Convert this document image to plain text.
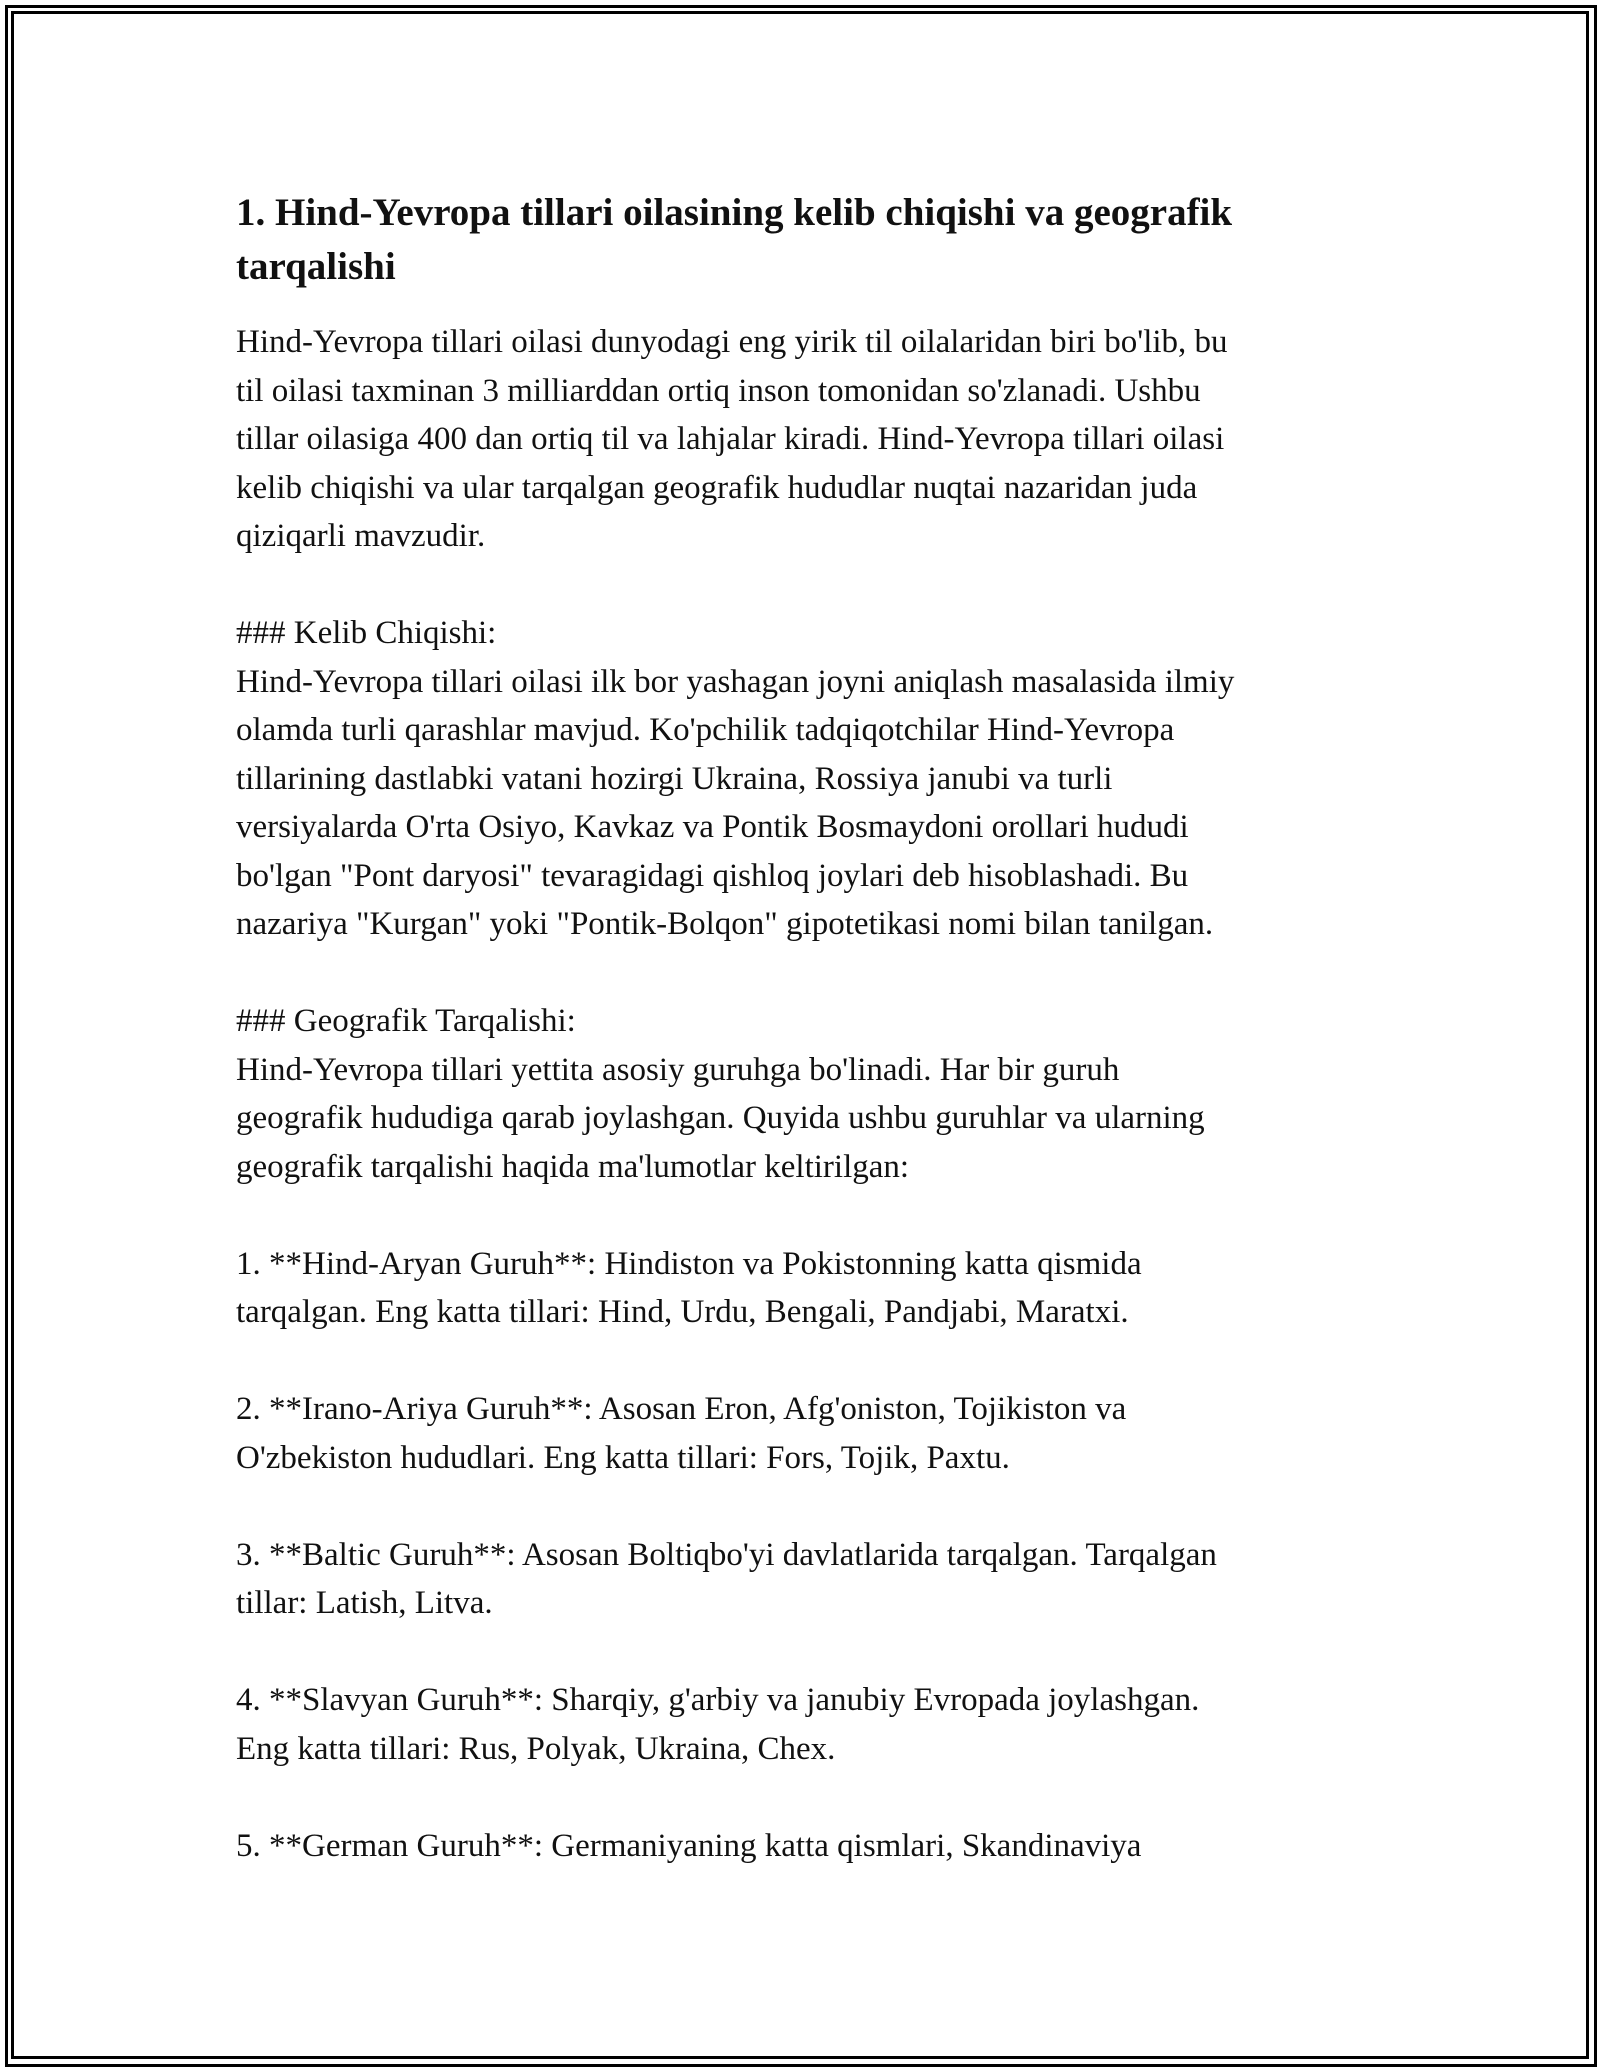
1. Hind-Yevropa tillari oilasining kelib chiqishi va geografik
tarqalishi
Hind-Yevropa tillari oilasi dunyodagi eng yirik til oilalaridan biri bo'lib, bu
til oilasi taxminan 3 milliarddan ortiq inson tomonidan so'zlanadi. Ushbu
tillar oilasiga 400 dan ortiq til va lahjalar kiradi. Hind-Yevropa tillari oilasi
kelib chiqishi va ular tarqalgan geografik hududlar nuqtai nazaridan juda
qiziqarli mavzudir.
### Kelib Chiqishi:
Hind-Yevropa tillari oilasi ilk bor yashagan joyni aniqlash masalasida ilmiy
olamda turli qarashlar mavjud. Ko'pchilik tadqiqotchilar Hind-Yevropa
tillarining dastlabki vatani hozirgi Ukraina, Rossiya janubi va turli
versiyalarda O'rta Osiyo, Kavkaz va Pontik Bosmaydoni orollari hududi
bo'lgan "Pont daryosi" tevaragidagi qishloq joylari deb hisoblashadi. Bu
nazariya "Kurgan" yoki "Pontik-Bolqon" gipotetikasi nomi bilan tanilgan.
### Geografik Tarqalishi:
Hind-Yevropa tillari yettita asosiy guruhga bo'linadi. Har bir guruh
geografik hududiga qarab joylashgan. Quyida ushbu guruhlar va ularning
geografik tarqalishi haqida ma'lumotlar keltirilgan:
1. **Hind-Aryan Guruh**: Hindiston va Pokistonning katta qismida
tarqalgan. Eng katta tillari: Hind, Urdu, Bengali, Pandjabi, Maratxi.
2. **Irano-Ariya Guruh**: Asosan Eron, Afg'oniston, Tojikiston va
O'zbekiston hududlari. Eng katta tillari: Fors, Tojik, Paxtu.
3. **Baltic Guruh**: Asosan Boltiqbo'yi davlatlarida tarqalgan. Tarqalgan
tillar: Latish, Litva.
4. **Slavyan Guruh**: Sharqiy, g'arbiy va janubiy Evropada joylashgan.
Eng katta tillari: Rus, Polyak, Ukraina, Chex.
5. **German Guruh**: Germaniyaning katta qismlari, Skandinaviya
